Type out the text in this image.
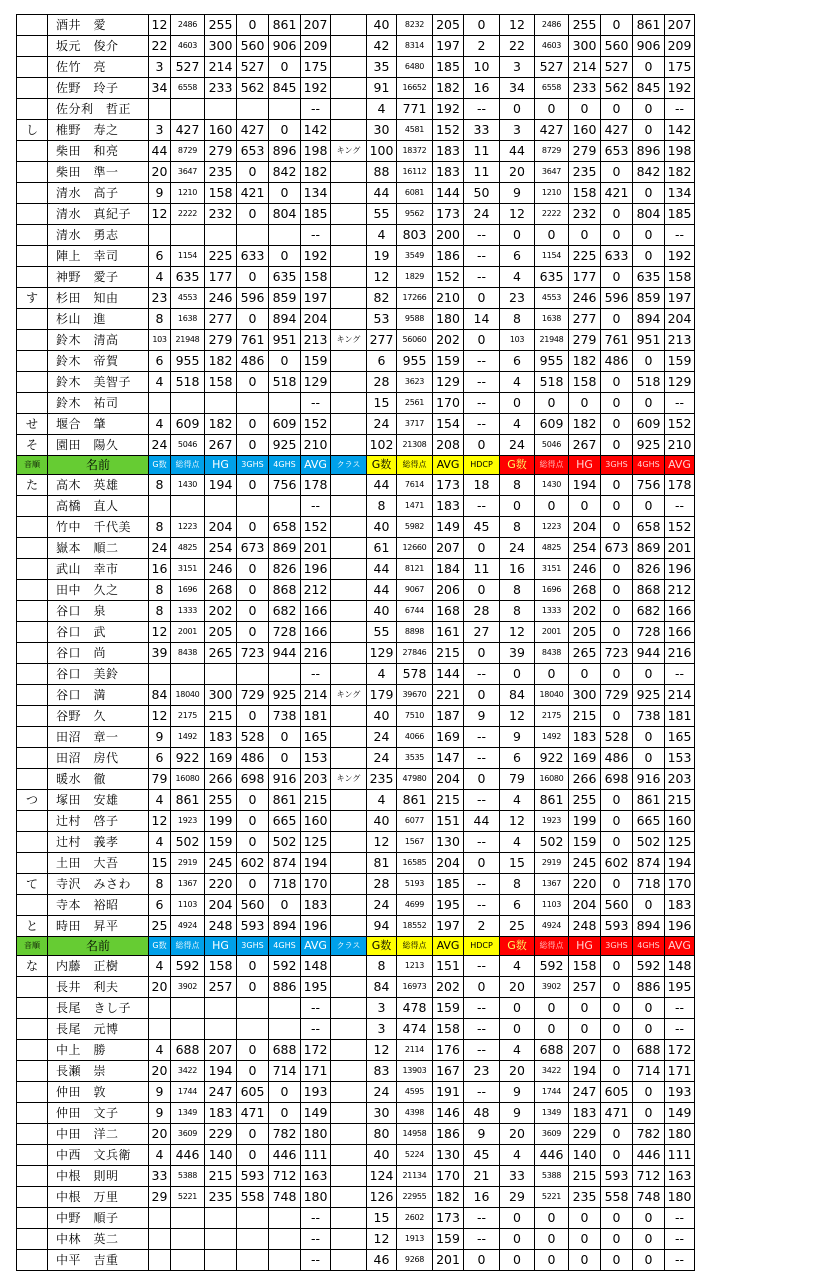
	酒井　愛	12	2486	255	0	861	207		40	8232	205	0	12	2486	255	0	861	207
	坂元　俊介	22	4603	300	560	906	209		42	8314	197	2	22	4603	300	560	906	209
	佐竹　亮	3	527	214	527	0	175		35	6480	185	10	3	527	214	527	0	175
	佐野　玲子	34	6558	233	562	845	192		91	16652	182	16	34	6558	233	562	845	192
	佐分利　哲正						--		4	771	192	--	0	0	0	0	0	--
し	椎野　寿之	3	427	160	427	0	142		30	4581	152	33	3	427	160	427	0	142
	柴田　和亮	44	8729	279	653	896	198	キング	100	18372	183	11	44	8729	279	653	896	198
	柴田　準一	20	3647	235	0	842	182		88	16112	183	11	20	3647	235	0	842	182
	清水　高子	9	1210	158	421	0	134		44	6081	144	50	9	1210	158	421	0	134
	清水　真紀子	12	2222	232	0	804	185		55	9562	173	24	12	2222	232	0	804	185
	清水　勇志						--		4	803	200	--	0	0	0	0	0	--
	陣上　幸司	6	1154	225	633	0	192		19	3549	186	--	6	1154	225	633	0	192
	神野　愛子	4	635	177	0	635	158		12	1829	152	--	4	635	177	0	635	158
す	杉田　知由	23	4553	246	596	859	197		82	17266	210	0	23	4553	246	596	859	197
	杉山　進	8	1638	277	0	894	204		53	9588	180	14	8	1638	277	0	894	204
	鈴木　清高	103	21948	279	761	951	213	キング	277	56060	202	0	103	21948	279	761	951	213
	鈴木　帝賀	6	955	182	486	0	159		6	955	159	--	6	955	182	486	0	159
	鈴木　美智子	4	518	158	0	518	129		28	3623	129	--	4	518	158	0	518	129
	鈴木　祐司						--		15	2561	170	--	0	0	0	0	0	--
せ	堰合　肇	4	609	182	0	609	152		24	3717	154	--	4	609	182	0	609	152
そ	園田　陽久	24	5046	267	0	925	210		102	21308	208	0	24	5046	267	0	925	210
音順	名前	G数	総得点	HG	3GHS	4GHS	AVG	クラス	G数	総得点	AVG	HDCP	G数	総得点	HG	3GHS	4GHS	AVG
た	高木　英雄	8	1430	194	0	756	178		44	7614	173	18	8	1430	194	0	756	178
	高橋　直人						--		8	1471	183	--	0	0	0	0	0	--
	竹中　千代美	8	1223	204	0	658	152		40	5982	149	45	8	1223	204	0	658	152
	嶽本　順二	24	4825	254	673	869	201		61	12660	207	0	24	4825	254	673	869	201
	武山　幸市	16	3151	246	0	826	196		44	8121	184	11	16	3151	246	0	826	196
	田中　久之	8	1696	268	0	868	212		44	9067	206	0	8	1696	268	0	868	212
	谷口　泉	8	1333	202	0	682	166		40	6744	168	28	8	1333	202	0	682	166
	谷口　武	12	2001	205	0	728	166		55	8898	161	27	12	2001	205	0	728	166
	谷口　尚	39	8438	265	723	944	216		129	27846	215	0	39	8438	265	723	944	216
	谷口　美鈴						--		4	578	144	--	0	0	0	0	0	--
	谷口　満	84	18040	300	729	925	214	キング	179	39670	221	0	84	18040	300	729	925	214
	谷野　久	12	2175	215	0	738	181		40	7510	187	9	12	2175	215	0	738	181
	田沼　章一	9	1492	183	528	0	165		24	4066	169	--	9	1492	183	528	0	165
	田沼　房代	6	922	169	486	0	153		24	3535	147	--	6	922	169	486	0	153
	暖水　徹	79	16080	266	698	916	203	キング	235	47980	204	0	79	16080	266	698	916	203
つ	塚田　安雄	4	861	255	0	861	215		4	861	215	--	4	861	255	0	861	215
	辻村　啓子	12	1923	199	0	665	160		40	6077	151	44	12	1923	199	0	665	160
	辻村　義孝	4	502	159	0	502	125		12	1567	130	--	4	502	159	0	502	125
	土田　大吾	15	2919	245	602	874	194		81	16585	204	0	15	2919	245	602	874	194
て	寺沢　みさわ	8	1367	220	0	718	170		28	5193	185	--	8	1367	220	0	718	170
	寺本　裕昭	6	1103	204	560	0	183		24	4699	195	--	6	1103	204	560	0	183
と	時田　昇平	25	4924	248	593	894	196		94	18552	197	2	25	4924	248	593	894	196
音順	名前	G数	総得点	HG	3GHS	4GHS	AVG	クラス	G数	総得点	AVG	HDCP	G数	総得点	HG	3GHS	4GHS	AVG
な	内藤　正樹	4	592	158	0	592	148		8	1213	151	--	4	592	158	0	592	148
	長井　利夫	20	3902	257	0	886	195		84	16973	202	0	20	3902	257	0	886	195
	長尾　きし子						--		3	478	159	--	0	0	0	0	0	--
	長尾　元博						--		3	474	158	--	0	0	0	0	0	--
	中上　勝	4	688	207	0	688	172		12	2114	176	--	4	688	207	0	688	172
	長瀬　崇	20	3422	194	0	714	171		83	13903	167	23	20	3422	194	0	714	171
	仲田　敦	9	1744	247	605	0	193		24	4595	191	--	9	1744	247	605	0	193
	仲田　文子	9	1349	183	471	0	149		30	4398	146	48	9	1349	183	471	0	149
	中田　洋二	20	3609	229	0	782	180		80	14958	186	9	20	3609	229	0	782	180
	中西　文兵衛	4	446	140	0	446	111		40	5224	130	45	4	446	140	0	446	111
	中根　則明	33	5388	215	593	712	163		124	21134	170	21	33	5388	215	593	712	163
	中根　万里	29	5221	235	558	748	180		126	22955	182	16	29	5221	235	558	748	180
	中野　順子						--		15	2602	173	--	0	0	0	0	0	--
	中林　英二						--		12	1913	159	--	0	0	0	0	0	--
	中平　吉重						--		46	9268	201	0	0	0	0	0	0	--
